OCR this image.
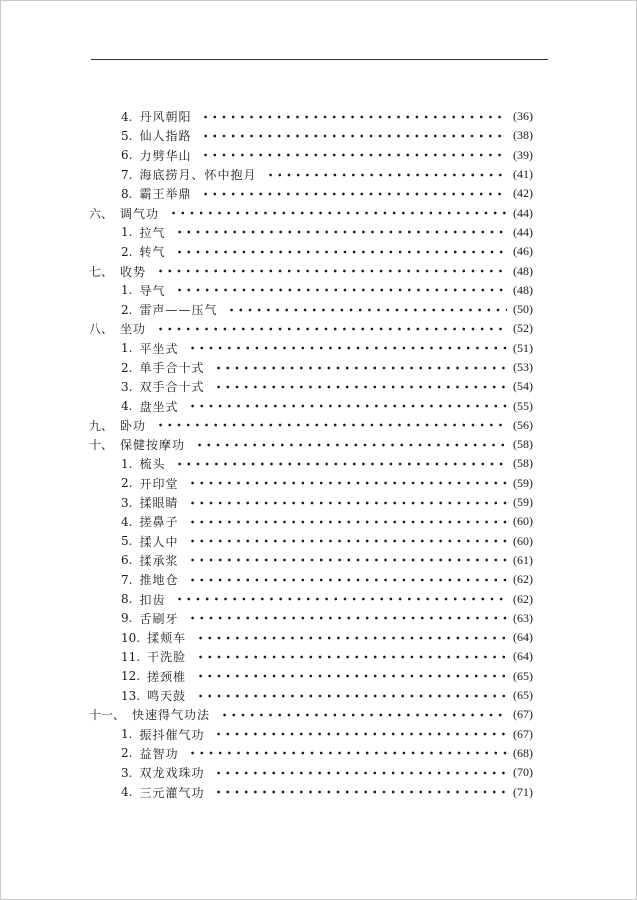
4. 丹风朝阳	(36)
5. 仙人指路	(38)
6. 力劈华山	(39)
7. 海底捞月、怀中抱月	(41)
8. 霸王举鼎	(42)
六、 调气功	(44)
1. 拉气	(44)
2. 转气	(46)
七、 收势	(48)
1. 导气	(48)
2. 雷声——压气	(50)
八、 坐功	(52)
1. 平坐式	(51)
2. 单手合十式	(53)
3. 双手合十式	(54)
4. 盘坐式	(55)
九、 卧功	(56)
十、 保健按摩功	(58)
1. 梳头	(58)
2. 开印堂	(59)
3. 揉眼睛	(59)
4. 搓鼻子	(60)
5. 揉人中	(60)
6. 揉承浆	(61)
7. 推地仓	(62)
8. 扣齿	(62)
9. 舌刷牙	(63)
10. 揉颊车	(64)
11. 干洗脸	(64)
12. 搓颈椎	(65)
13. 鸣天鼓	(65)
十一、 快速得气功法	(67)
1. 振抖催气功	(67)
2. 益智功	(68)
3. 双龙戏珠功	(70)
4. 三元灌气功	(71)
